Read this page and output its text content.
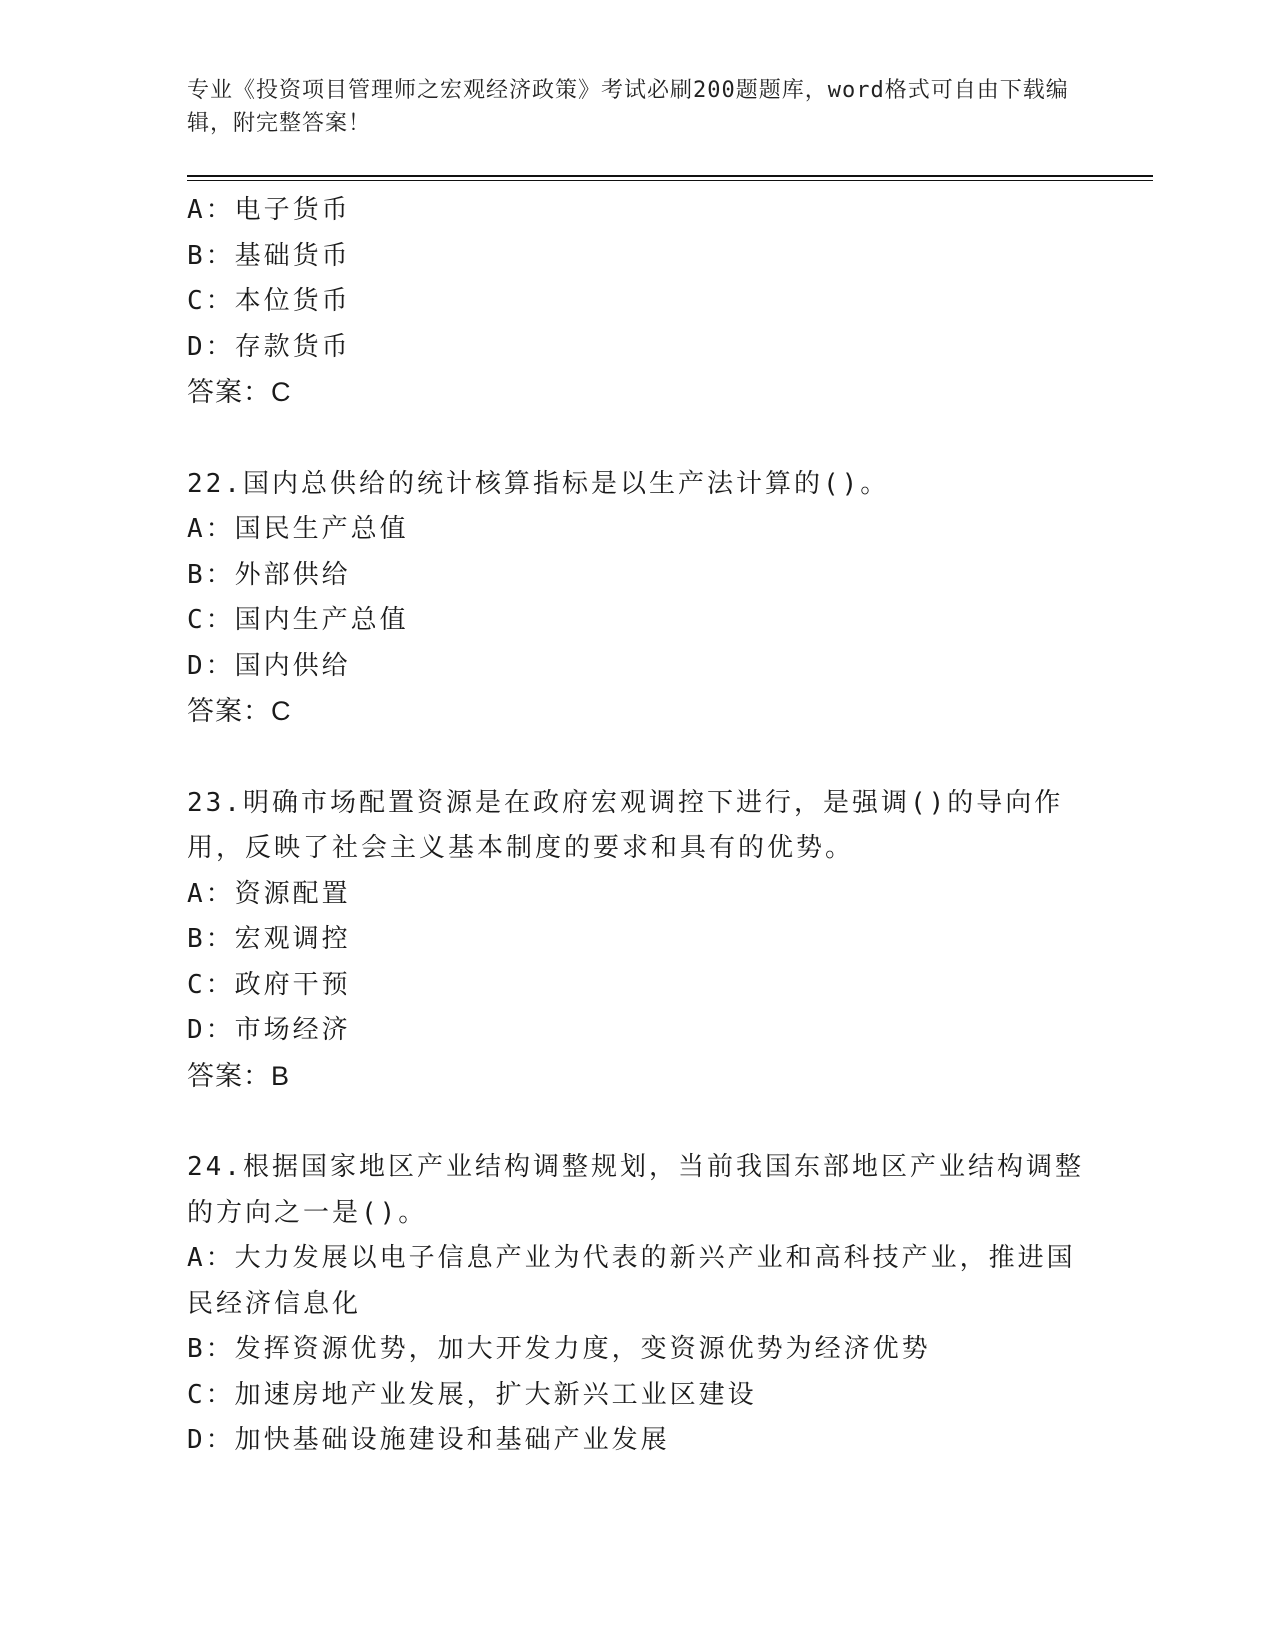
专业《投资项目管理师之宏观经济政策》考试必刷200题题库，word格式可自由下载编辑，附完整答案！
A：电子货币
B：基础货币
C：本位货币
D：存款货币
答案：C
22.国内总供给的统计核算指标是以生产法计算的()。
A：国民生产总值
B：外部供给
C：国内生产总值
D：国内供给
答案：C
23.明确市场配置资源是在政府宏观调控下进行，是强调()的导向作用，反映了社会主义基本制度的要求和具有的优势。
A：资源配置
B：宏观调控
C：政府干预
D：市场经济
答案：B
24.根据国家地区产业结构调整规划，当前我国东部地区产业结构调整的方向之一是()。
A：大力发展以电子信息产业为代表的新兴产业和高科技产业，推进国民经济信息化
B：发挥资源优势，加大开发力度，变资源优势为经济优势
C：加速房地产业发展，扩大新兴工业区建设
D：加快基础设施建设和基础产业发展
